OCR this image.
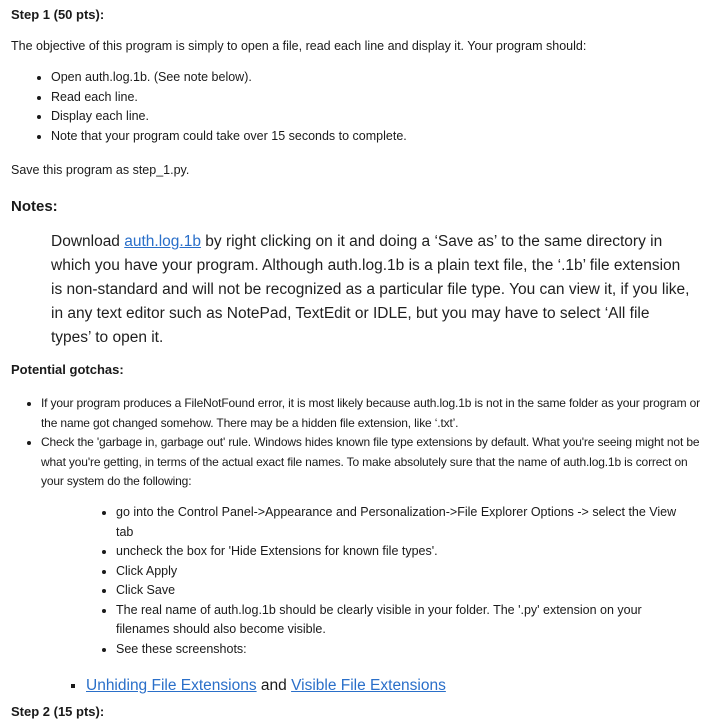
Step 1 (50 pts):
The objective of this program is simply to open a file, read each line and display it. Your program should:
• Open auth.log.1b. (See note below).
• Read each line.
• Display each line.
• Note that your program could take over 15 seconds to complete.
Save this program as step_1.py.
Notes:
Download auth.log.1b by right clicking on it and doing a ‘Save as’ to the same directory in which you have your program. Although auth.log.1b is a plain text file, the ‘.1b’ file extension is non-standard and will not be recognized as a particular file type. You can view it, if you like, in any text editor such as NotePad, TextEdit or IDLE, but you may have to select ‘All file types’ to open it.
Potential gotchas:
• If your program produces a FileNotFound error, it is most likely because auth.log.1b is not in the same folder as your program or the name got changed somehow. There may be a hidden file extension, like ‘.txt’.
• Check the 'garbage in, garbage out' rule. Windows hides known file type extensions by default. What you're seeing might not be what you're getting, in terms of the actual exact file names. To make absolutely sure that the name of auth.log.1b is correct on your system do the following:
• go into the Control Panel->Appearance and Personalization->File Explorer Options -> select the View tab
• uncheck the box for 'Hide Extensions for known file types'.
• Click Apply
• Click Save
• The real name of auth.log.1b should be clearly visible in your folder. The '.py' extension on your filenames should also become visible.
• See these screenshots:
▪ Unhiding File Extensions and Visible File Extensions
Step 2 (15 pts):
